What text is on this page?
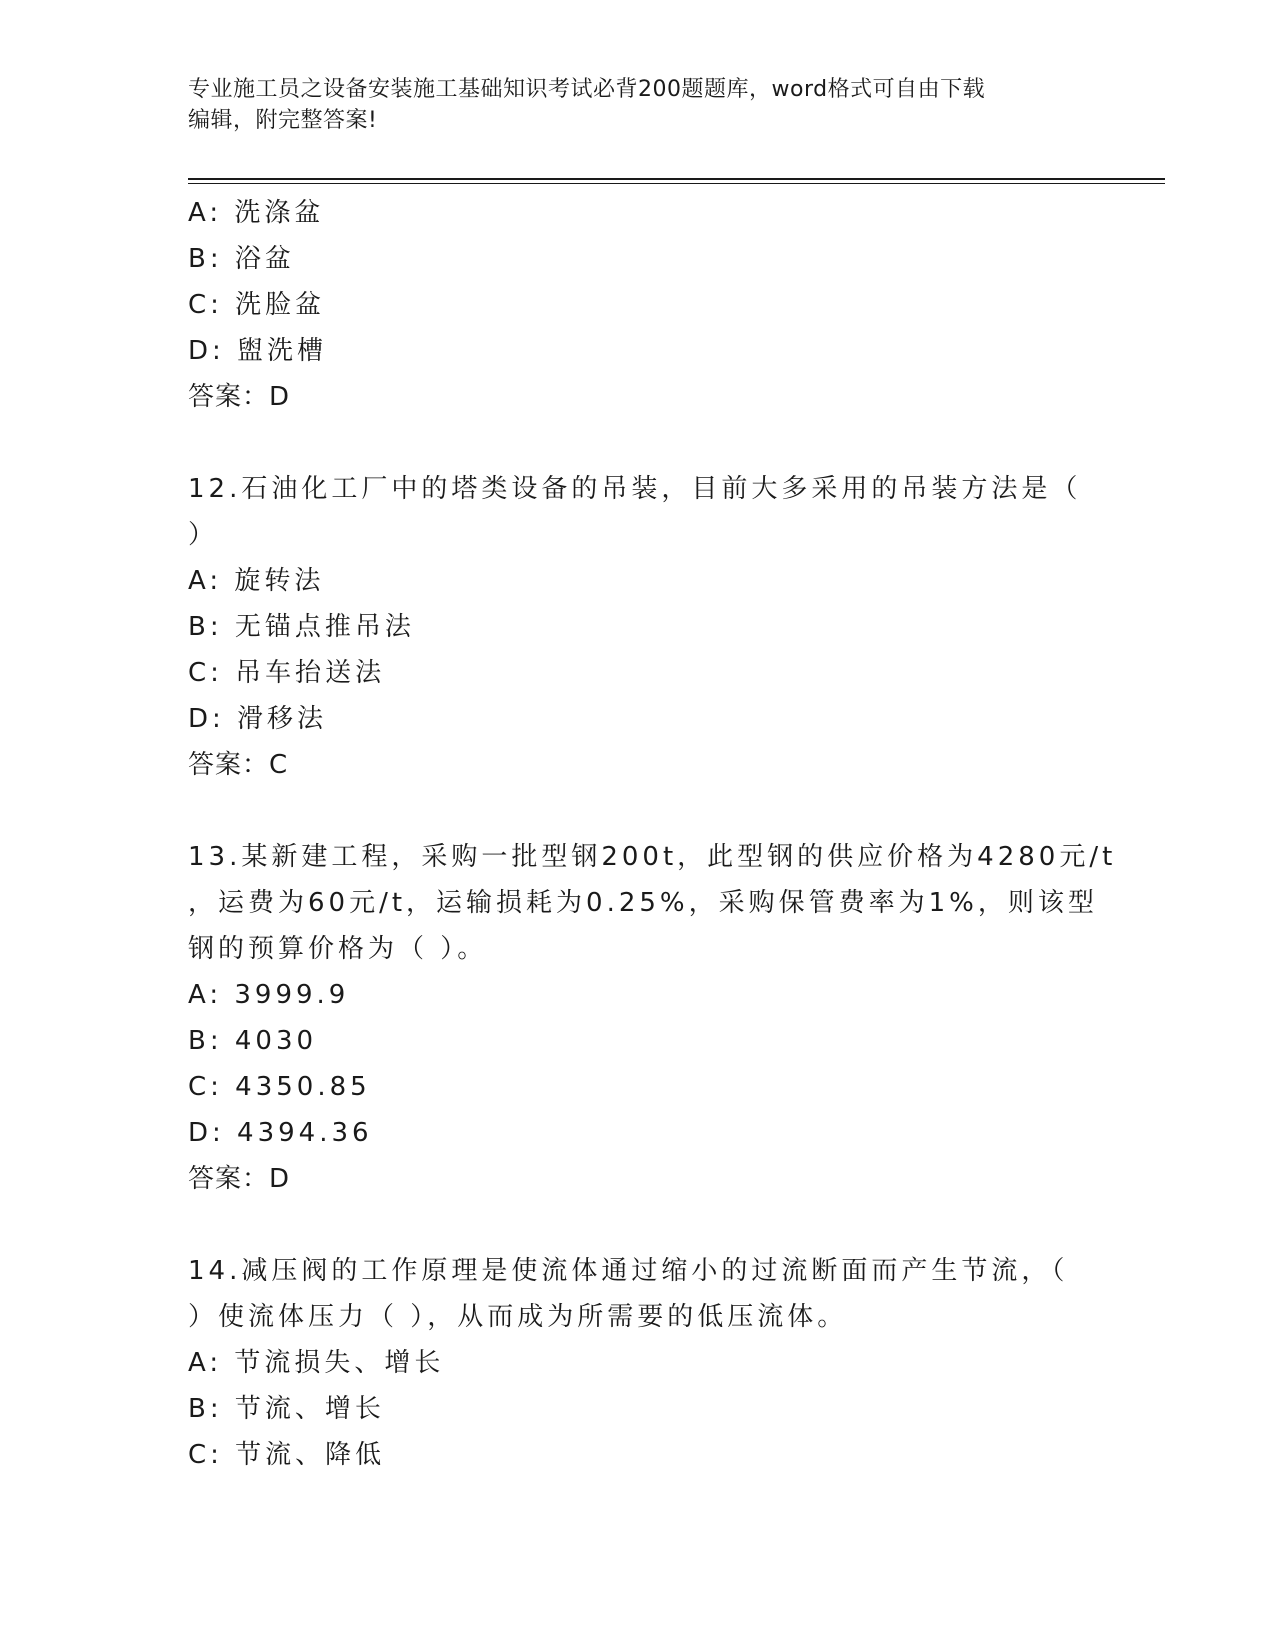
专业施工员之设备安装施工基础知识考试必背200题题库，word格式可自由下载
编辑，附完整答案!
A: 洗涤盆
B: 浴盆
C: 洗脸盆
D: 盥洗槽
答案：D
12.石油化工厂中的塔类设备的吊装，目前大多采用的吊装方法是（
）
A: 旋转法
B: 无锚点推吊法
C: 吊车抬送法
D: 滑移法
答案：C
13.某新建工程，采购一批型钢200t，此型钢的供应价格为4280元/t
，运费为60元/t，运输损耗为0.25%，采购保管费率为1%，则该型
钢的预算价格为（ ）。
A: 3999.9
B: 4030
C: 4350.85
D: 4394.36
答案：D
14.减压阀的工作原理是使流体通过缩小的过流断面而产生节流，（
）使流体压力（ ），从而成为所需要的低压流体。
A: 节流损失、增长
B: 节流、增长
C: 节流、降低
